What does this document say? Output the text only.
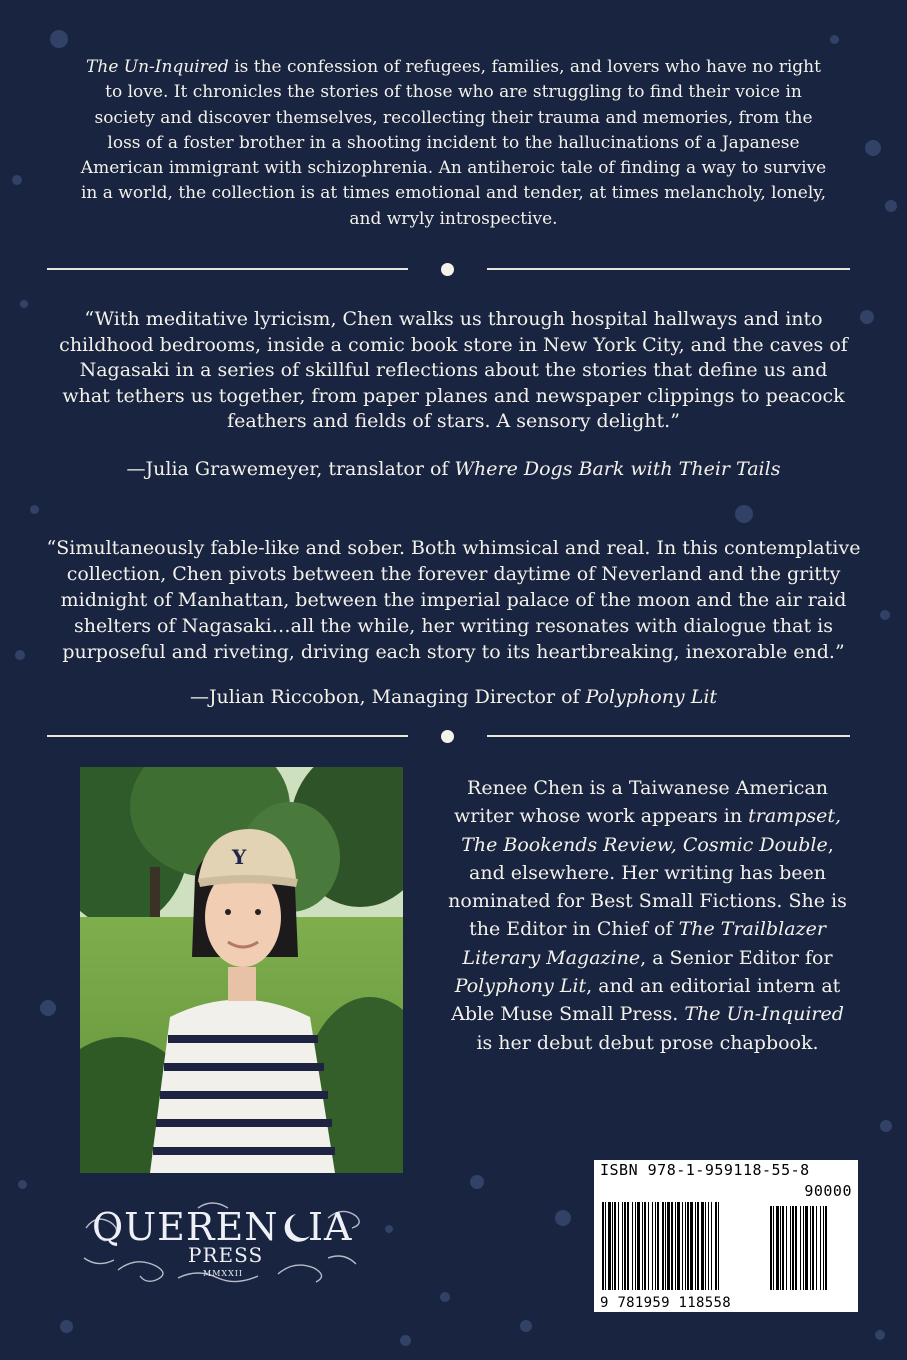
The Un-Inquired is the confession of refugees, families, and lovers who have no right to love. It chronicles the stories of those who are struggling to find their voice in society and discover themselves, recollecting their trauma and memories, from the loss of a foster brother in a shooting incident to the hallucinations of a Japanese American immigrant with schizophrenia. An antiheroic tale of finding a way to survive in a world, the collection is at times emotional and tender, at times melancholy, lonely, and wryly introspective.
“With meditative lyricism, Chen walks us through hospital hallways and into childhood bedrooms, inside a comic book store in New York City, and the caves of Nagasaki in a series of skillful reflections about the stories that define us and what tethers us together, from paper planes and newspaper clippings to peacock feathers and fields of stars. A sensory delight.”
—Julia Grawemeyer, translator of Where Dogs Bark with Their Tails
“Simultaneously fable-like and sober. Both whimsical and real. In this contemplative collection, Chen pivots between the forever daytime of Neverland and the gritty midnight of Manhattan, between the imperial palace of the moon and the air raid shelters of Nagasaki…all the while, her writing resonates with dialogue that is purposeful and riveting, driving each story to its heartbreaking, inexorable end.”
—Julian Riccobon, Managing Director of Polyphony Lit
Y
Renee Chen is a Taiwanese American writer whose work appears in trampset, The Bookends Review, Cosmic Double, and elsewhere. Her writing has been nominated for Best Small Fictions. She is the Editor in Chief of The Trailblazer Literary Magazine, a Senior Editor for Polyphony Lit, and an editorial intern at Able Muse Small Press. The Un-Inquired is her debut debut prose chapbook.
QUEREN IA
PRESS
MMXXII
ISBN 978-1-959118-55-8
90000
9 781959 118558
